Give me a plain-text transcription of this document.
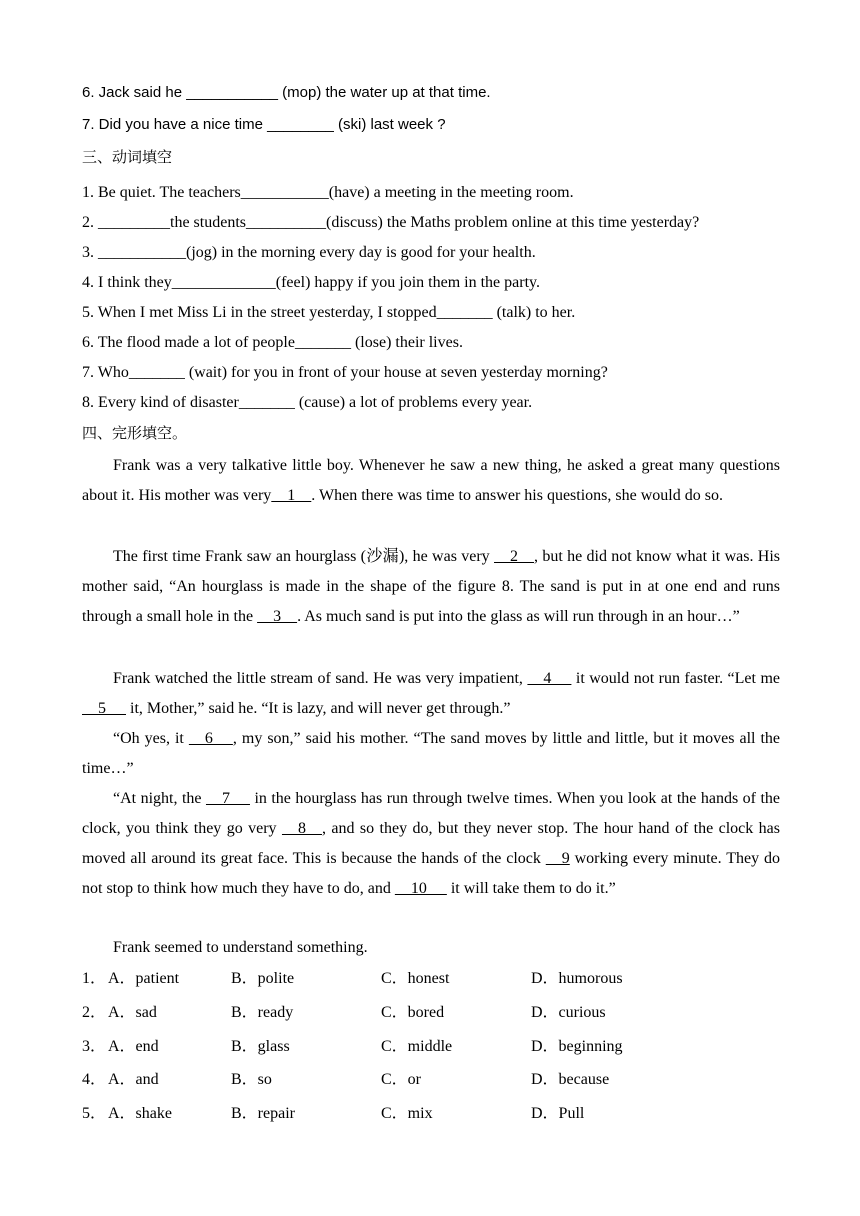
6. Jack said he ___________ (mop) the water up at that time.
7. Did you have a nice time ________ (ski) last week ?
三、动词填空
1. Be quiet. The teachers___________(have) a meeting in the meeting room.
2. _________the students__________(discuss) the Maths problem online at this time yesterday?
3. ___________(jog) in the morning every day is good for your health.
4. I think they_____________(feel) happy if you join them in the party.
5. When I met Miss Li in the street yesterday, I stopped_______ (talk) to her.
6. The flood made a lot of people_______ (lose) their lives.
7. Who_______ (wait) for you in front of your house at seven yesterday morning?
8. Every kind of disaster_______ (cause) a lot of problems every year.
四、完形填空。
Frank was a very talkative little boy. Whenever he saw a new thing, he asked a great many questions about it. His mother was very    1    . When there was time to answer his questions, she would do so.
The first time Frank saw an hourglass (沙漏), he was very     2    , but he did not know what it was. His mother said, “An hourglass is made in the shape of the figure 8. The sand is put in at one end and runs through a small hole in the     3    . As much sand is put into the glass as will run through in an hour…”
Frank watched the little stream of sand. He was very impatient,     4      it would not run faster. “Let me     5      it, Mother,” said he. “It is lazy, and will never get through.”
“Oh yes, it     6     , my son,” said his mother. “The sand moves by little and little, but it moves all the time…”
“At night, the     7      in the hourglass has run through twelve times. When you look at the hands of the clock, you think they go very     8    , and so they do, but they never stop. The hour hand of the clock has moved all around its great face. This is because the hands of the clock     9 working every minute. They do not stop to think how much they have to do, and     10      it will take them to do it.”
Frank seemed to understand something.
1． A．patient	B．polite	C．honest	D．humorous
2． A．sad	B．ready	C．bored	D．curious
3． A．end	B．glass	C．middle	D．beginning
4． A．and	B．so	C．or	D．because
5． A．shake	B．repair	C．mix	D．Pull
